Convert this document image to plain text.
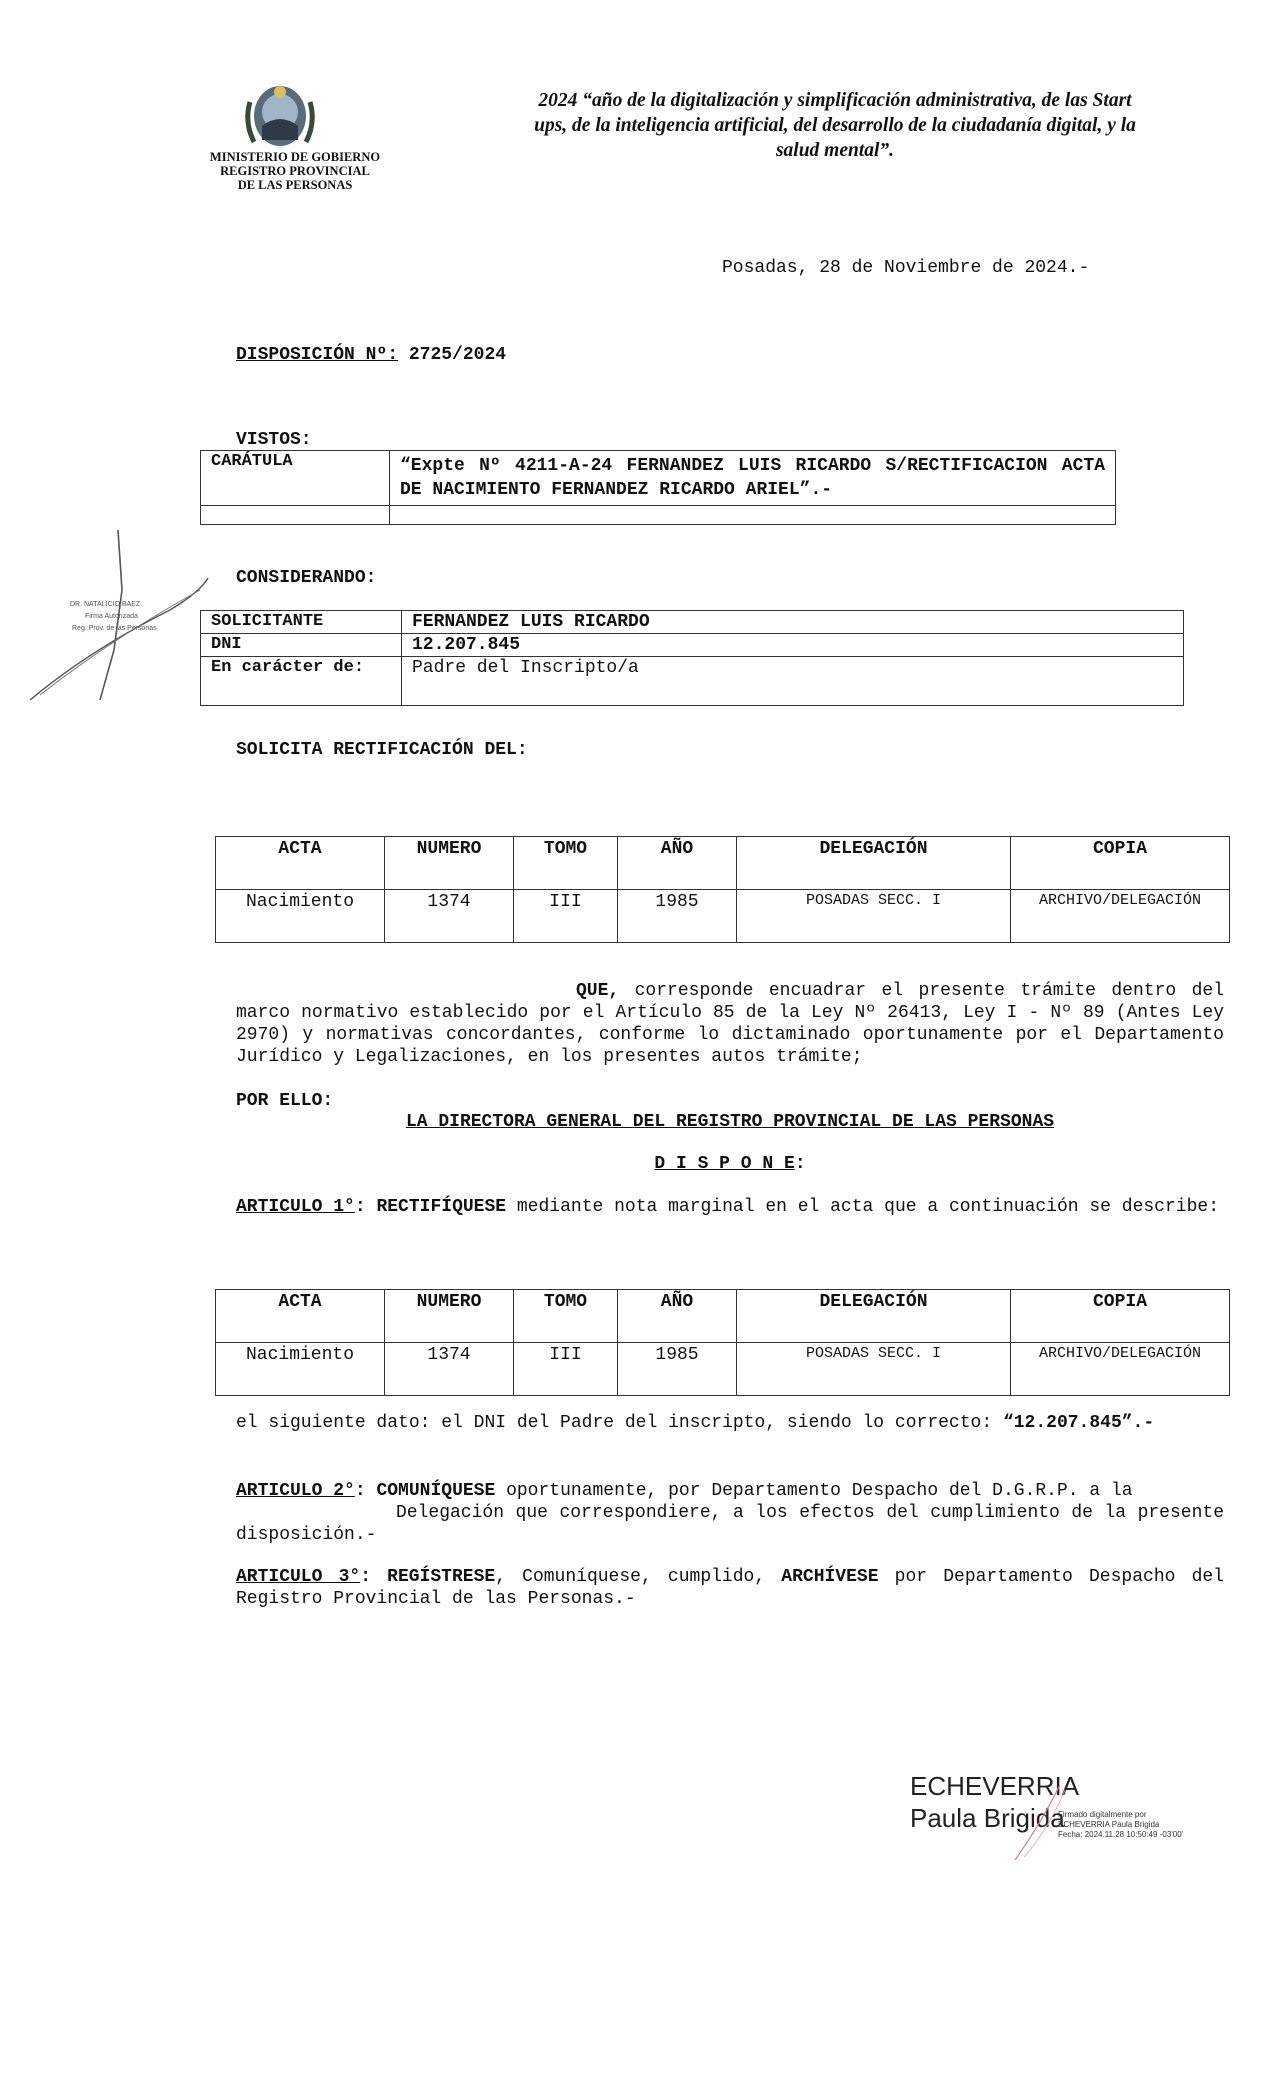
MINISTERIO DE GOBIERNO
REGISTRO PROVINCIAL
DE LAS PERSONAS
2024 “año de la digitalización y simplificación administrativa, de las Start
ups, de la inteligencia artificial, del desarrollo de la ciudadanía digital, y la
salud mental”.
Posadas, 28 de Noviembre de 2024.-
DISPOSICIÓN Nº: 2725/2024
VISTOS:
CARÁTULA	“Expte Nº 4211-A-24 FERNANDEZ LUIS RICARDO S/RECTIFICACION ACTA DE NACIMIENTO FERNANDEZ RICARDO ARIEL”.-

DR. NATALICIO BAEZ
Firma Autorizada
Reg. Prov. de las Personas
CONSIDERANDO:
SOLICITANTE	FERNANDEZ LUIS RICARDO
DNI	12.207.845
En carácter de:	Padre del Inscripto/a
SOLICITA RECTIFICACIÓN DEL:
ACTA	NUMERO	TOMO	AÑO	DELEGACIÓN	COPIA
Nacimiento	1374	III	1985	POSADAS SECC. I	ARCHIVO/DELEGACIÓN
QUE, corresponde encuadrar el presente trámite dentro del marco normativo establecido por el Artículo 85 de la Ley Nº 26413, Ley I - Nº 89 (Antes Ley 2970) y normativas concordantes, conforme lo dictaminado oportunamente por el Departamento Jurídico y Legalizaciones, en los presentes autos trámite;
POR ELLO:
LA DIRECTORA GENERAL DEL REGISTRO PROVINCIAL DE LAS PERSONAS
D I S P O N E:
ARTICULO 1°: RECTIFÍQUESE mediante nota marginal en el acta que a continuación se describe:
ACTA	NUMERO	TOMO	AÑO	DELEGACIÓN	COPIA
Nacimiento	1374	III	1985	POSADAS SECC. I	ARCHIVO/DELEGACIÓN
el siguiente dato: el DNI del Padre del inscripto, siendo lo correcto: “12.207.845”.-
ARTICULO 2°: COMUNÍQUESE oportunamente, por Departamento Despacho del D.G.R.P. a la
Delegación que correspondiere, a los efectos del cumplimiento de la presente disposición.-
ARTICULO 3°: REGÍSTRESE, Comuníquese, cumplido, ARCHÍVESE por Departamento Despacho del Registro Provincial de las Personas.-
ECHEVERRIA
Paula Brigida
Firmado digitalmente por
ECHEVERRIA Paula Brigida
Fecha: 2024.11.28 10:50:49 -03'00'
